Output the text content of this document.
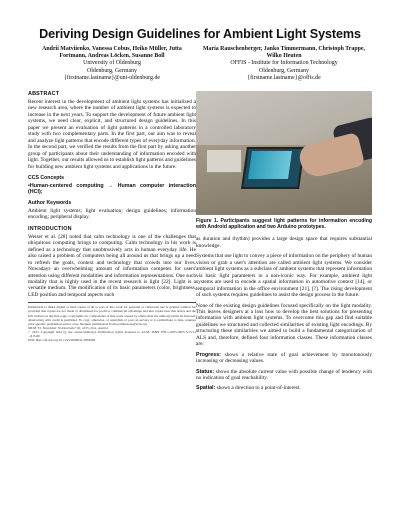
Deriving Design Guidelines for Ambient Light Systems
Andrii Matviienko, Vanessa Cobus, Heiko Müller, Jutta Fortmann, Andreas Löcken, Susanne Boll
University of Oldenburg
Oldenburg, Germany
{firstname.lastname}@uni-oldenburg.de
Maria Rauschenberger, Janko Timmermann, Christoph Trappe, Wilko Heuten
OFFIS - Institute for Information Technology
Oldenburg, Germany
{firstname.lastname}@offis.de
ABSTRACT

Recent interest in the development of ambient light systems has initialized a new research area, where the number of ambient light systems is expected to increase in the next years. To support the development of future ambient light systems, we need clear, explicit, and structured design guidelines. In this paper we present an evaluation of light patterns in a controlled laboratory study with two complementary parts. In the first part, our aim was to reveal and analyze light patterns that encode different types of everyday information. In the second part, we verified the results from the first part by asking another group of participants about their understanding of information encoded with light. Together, our results allowed us to establish light patterns and guidelines for building new ambient light systems and applications in the future.

CCS Concepts

•Human-centered computing → Human computer interaction (HCI);

Author Keywords

Ambient light systems; light evaluation; design guidelines; information encoding; peripheral display.

INTRODUCTION

Weiser et al. [28] noted that calm technology is one of the challenges that ubiquitous computing brings to computing. Calm technology in his work is defined as a technology that unobtrusively acts in human everyday life. He also raised a problem of computers being all around us that brings up a need to refresh the goals, context and technology that crowds into our lives. Nowadays an overwhelming amount of information competes for users' attention using different modalities and information representations. One such modality that is highly used in the recent research is light [22]. Light is a versatile medium. The modification of its basic parameters (color, brightness, LED position and temporal aspects such

Permission to make digital or hard copies of all or part of this work for personal or classroom use is granted without fee provided that copies are not made or distributed for profit or commercial advantage and that copies bear this notice and the full citation on the first page. Copyrights for components of this work owned by others than the author(s) must be honored. Abstracting with credit is permitted. To copy otherwise, or republish, to post on servers or to redistribute to lists, requires prior specific permission and/or a fee. Request permissions from permissions@acm.org.
MUM '15, November 30-December 02, 2015, Linz, Austria
© 2015 Copyright held by the owner/author(s). Publication rights licensed to ACM. ISBN 978-1-4503-3605-5/15/11 ...$15.00
DOI: http://dx.doi.org/10.1145/2836041.2836069
Figure 1. Participants suggest light patterns for information encoding with Android application and two Arduino prototypes.

as duration and rhythm) provides a large design space that requires substantial knowledge.

Systems that use light to convey a piece of information on the periphery of human vision or grab a user's attention are called ambient light systems. We consider ambient light systems as a subclass of ambient systems that represent information via basic light parameters in a non-iconic way. For example, ambient light systems are used to encode a spatial information in automotive context [14], or temporal information in the office environment [21], [?]. The rising development of such systems requires guidelines to assist the design process in the future.

None of the existing design guidelines focused specifically on the light modality. This leaves designers at a loss how to develop the best solutions for presenting information with ambient light systems. To overcome this gap and find suitable guidelines we structured and collected similarities of existing light encodings. By structuring these similarities we aimed to build a fundamental categorization of ALS and, therefore, defined four information classes. These information classes are:

Progress: shows a relative state of goal achievement by monotonously increasing or decreasing values.

Status: shows the absolute current value with possible change of tendency with no indication of goal reachability.

Spatial: shows a direction to a point-of-interest.
